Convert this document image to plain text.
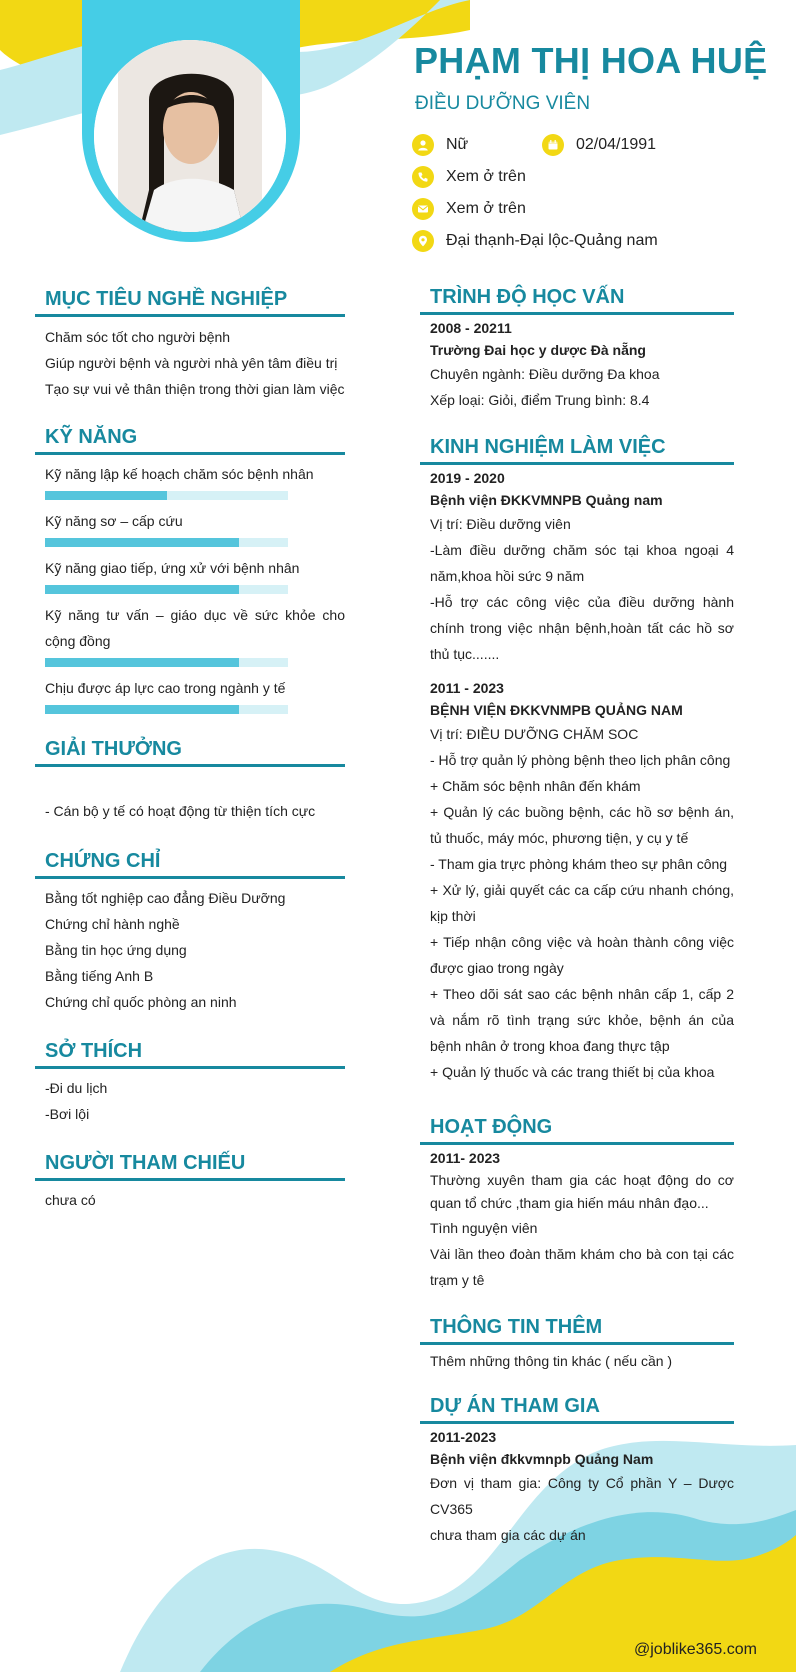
PHẠM THỊ HOA HUỆ
ĐIỀU DƯỠNG VIÊN
Nữ	02/04/1991
Xem ở trên
Xem ở trên
Đại thạnh-Đại lộc-Quảng nam
MỤC TIÊU NGHỀ NGHIỆP

Chăm sóc tốt cho người bệnh

Giúp người bệnh và người nhà yên tâm điều trị

Tạo sự vui vẻ thân thiện trong thời gian làm việc

KỸ NĂNG

Kỹ năng lập kế hoạch chăm sóc bệnh nhân

Kỹ năng sơ – cấp cứu

Kỹ năng giao tiếp, ứng xử với bệnh nhân

Kỹ năng tư vấn – giáo dục về sức khỏe cho cộng đồng

Chịu được áp lực cao trong ngành y tế

GIẢI THƯỞNG

- Cán bộ y tế có hoạt động từ thiện tích cực

CHỨNG CHỈ

Bằng tốt nghiệp cao đẳng Điều Dưỡng

Chứng chỉ hành nghề

Bằng tin học ứng dụng

Bằng tiếng Anh B

Chứng chỉ quốc phòng an ninh

SỞ THÍCH

-Đi du lịch

-Bơi lội

NGƯỜI THAM CHIẾU

chưa có

TRÌNH ĐỘ HỌC VẤN

2008 - 20211

Trường Đai học y dược Đà nẵng

Chuyên ngành: Điều dưỡng Đa khoa

Xếp loại: Giỏi, điểm Trung bình: 8.4

KINH NGHIỆM LÀM VIỆC

2019 - 2020

Bệnh viện ĐKKVMNPB Quảng nam

Vị trí: Điều dưỡng viên

-Làm điều dưỡng chăm sóc tại khoa ngoại 4 năm,khoa hồi sức 9 năm

-Hỗ trợ các công việc của điều dưỡng hành chính trong việc nhận bệnh,hoàn tất các hồ sơ thủ tục.......

2011 - 2023

BỆNH VIỆN ĐKKVNMPB QUẢNG NAM

Vị trí: ĐIỀU DƯỠNG CHĂM SOC

- Hỗ trợ quản lý phòng bệnh theo lịch phân công

+ Chăm sóc bệnh nhân đến khám

+ Quản lý các buồng bệnh, các hồ sơ bệnh án, tủ thuốc, máy móc, phương tiện, y cụ y tế

- Tham gia trực phòng khám theo sự phân công

+ Xử lý, giải quyết các ca cấp cứu nhanh chóng, kịp thời

+ Tiếp nhận công việc và hoàn thành công việc được giao trong ngày

+ Theo dõi sát sao các bệnh nhân cấp 1, cấp 2 và nắm rõ tình trạng sức khỏe, bệnh án của bệnh nhân ở trong khoa đang thực tập

+ Quản lý thuốc và các trang thiết bị của khoa

HOẠT ĐỘNG

2011- 2023

Thường xuyên tham gia các hoạt động do cơ quan tổ chức ,tham gia hiến máu nhân đạo...

Tình nguyện viên

Vài lần theo đoàn thăm khám cho bà con tại các trạm y tê

THÔNG TIN THÊM

Thêm những thông tin khác ( nếu cần )

DỰ ÁN THAM GIA

2011-2023

Bệnh viện đkkvmnpb Quảng Nam

Đơn vị tham gia: Công ty Cổ phần Y – Dược CV365

chưa tham gia các dự án

@joblike365.com
